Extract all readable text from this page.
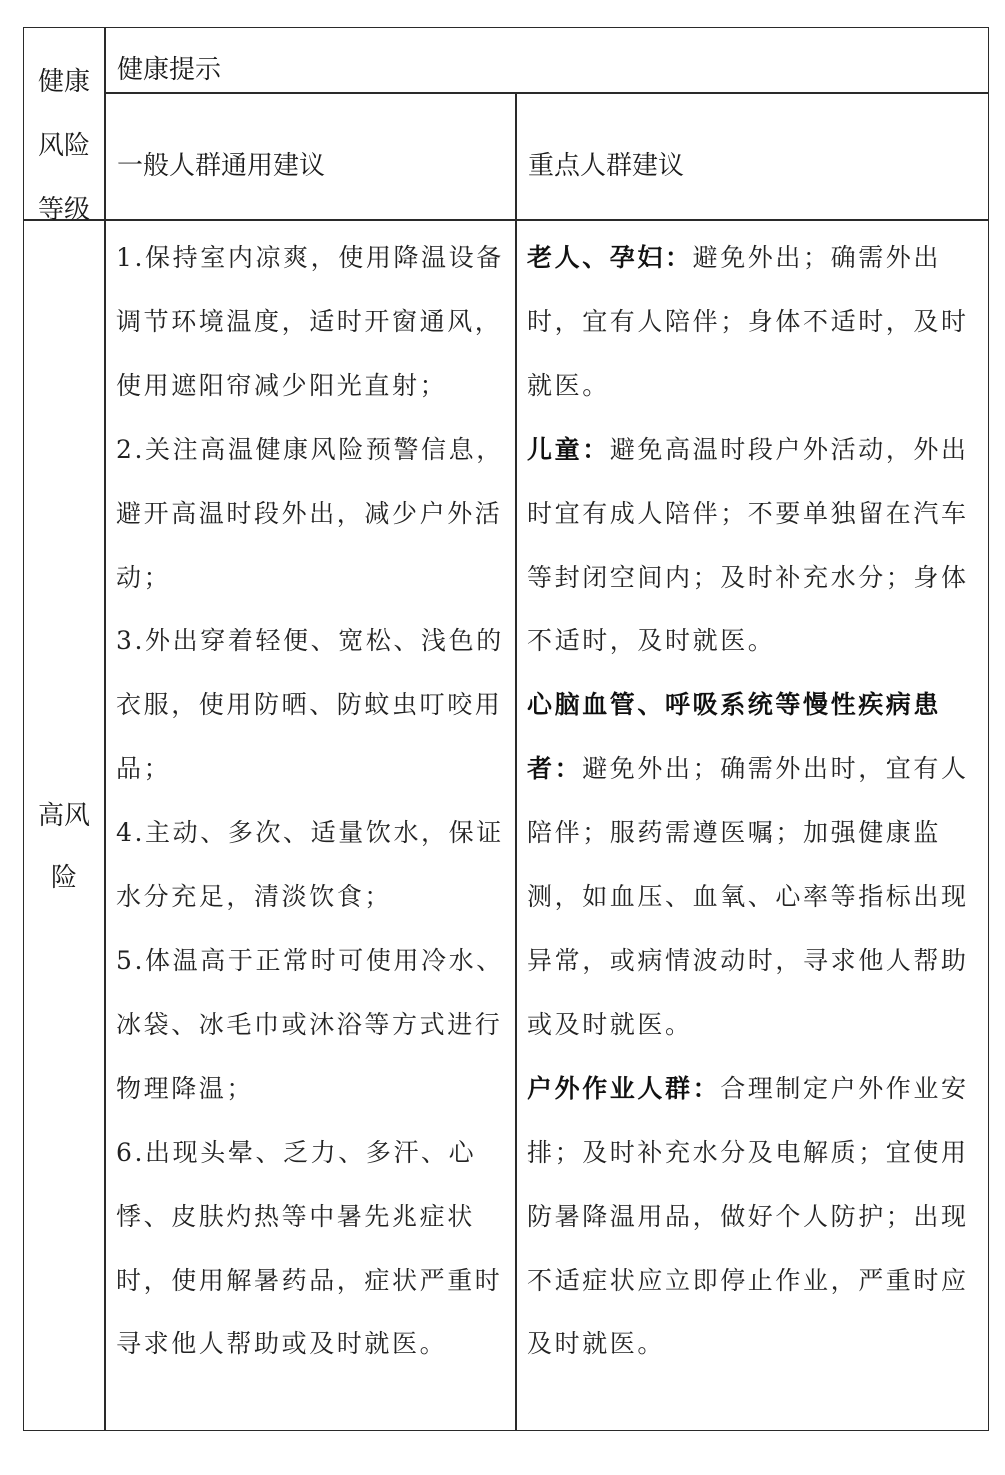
健康
风险
等级
健康提示
一般人群通用建议	重点人群建议
高风
险
1.保持室内凉爽，使用降温设备调节环境温度，适时开窗通风，使用遮阳帘减少阳光直射；
2.关注高温健康风险预警信息，避开高温时段外出，减少户外活动；
3.外出穿着轻便、宽松、浅色的衣服，使用防晒、防蚊虫叮咬用品；
4.主动、多次、适量饮水，保证水分充足，清淡饮食；
5.体温高于正常时可使用冷水、冰袋、冰毛巾或沐浴等方式进行物理降温；
6.出现头晕、乏力、多汗、心悸、皮肤灼热等中暑先兆症状时，使用解暑药品，症状严重时寻求他人帮助或及时就医。
老人、孕妇：避免外出；确需外出时，宜有人陪伴；身体不适时，及时就医。
儿童：避免高温时段户外活动，外出时宜有成人陪伴；不要单独留在汽车等封闭空间内；及时补充水分；身体不适时，及时就医。
心脑血管、呼吸系统等慢性疾病患者：避免外出；确需外出时，宜有人陪伴；服药需遵医嘱；加强健康监测，如血压、血氧、心率等指标出现异常，或病情波动时，寻求他人帮助或及时就医。
户外作业人群：合理制定户外作业安排；及时补充水分及电解质；宜使用防暑降温用品，做好个人防护；出现不适症状应立即停止作业，严重时应及时就医。
